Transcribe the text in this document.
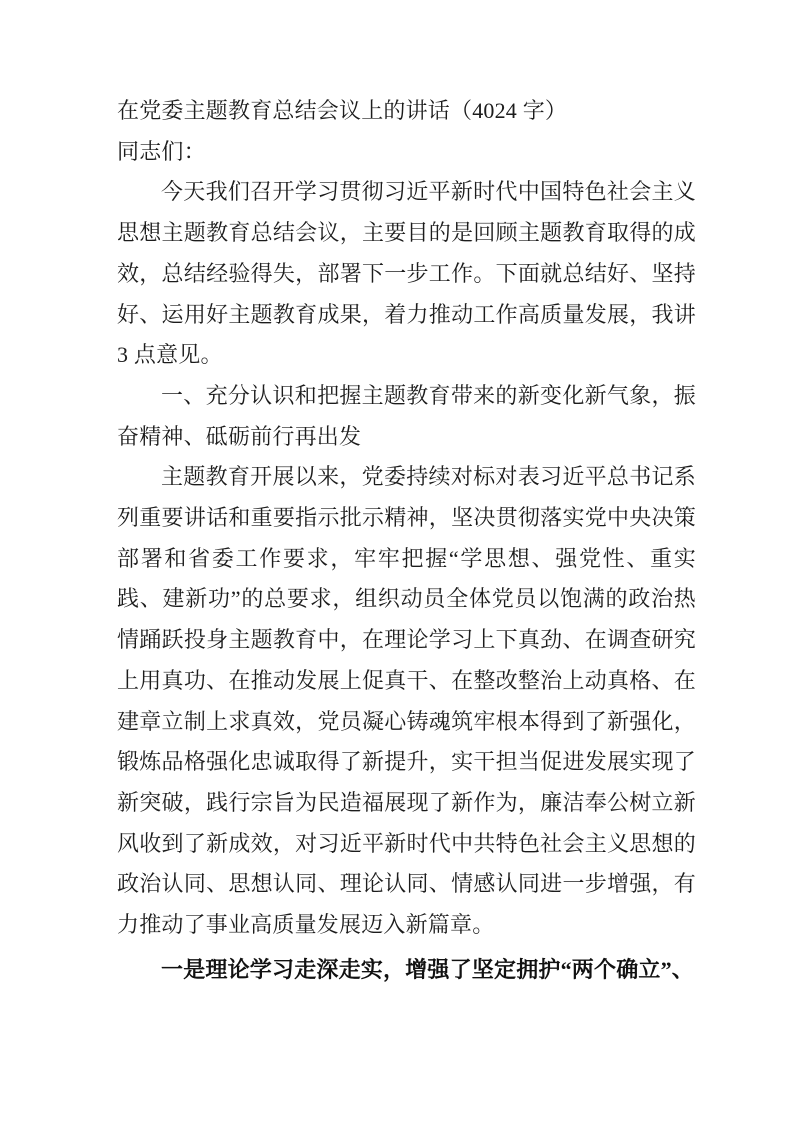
在党委主题教育总结会议上的讲话（4024 字）

同志们：

今天我们召开学习贯彻习近平新时代中国特色社会主义思想主题教育总结会议，主要目的是回顾主题教育取得的成效，总结经验得失，部署下一步工作。下面就总结好、坚持好、运用好主题教育成果，着力推动工作高质量发展，我讲 3 点意见。

一、充分认识和把握主题教育带来的新变化新气象，振奋精神、砥砺前行再出发

主题教育开展以来，党委持续对标对表习近平总书记系列重要讲话和重要指示批示精神，坚决贯彻落实党中央决策部署和省委工作要求，牢牢把握“学思想、强党性、重实践、建新功”的总要求，组织动员全体党员以饱满的政治热情踊跃投身主题教育中，在理论学习上下真劲、在调查研究上用真功、在推动发展上促真干、在整改整治上动真格、在建章立制上求真效，党员凝心铸魂筑牢根本得到了新强化，锻炼品格强化忠诚取得了新提升，实干担当促进发展实现了新突破，践行宗旨为民造福展现了新作为，廉洁奉公树立新风收到了新成效，对习近平新时代中共特色社会主义思想的政治认同、思想认同、理论认同、情感认同进一步增强，有力推动了事业高质量发展迈入新篇章。

一是理论学习走深走实，增强了坚定拥护“两个确立”、
